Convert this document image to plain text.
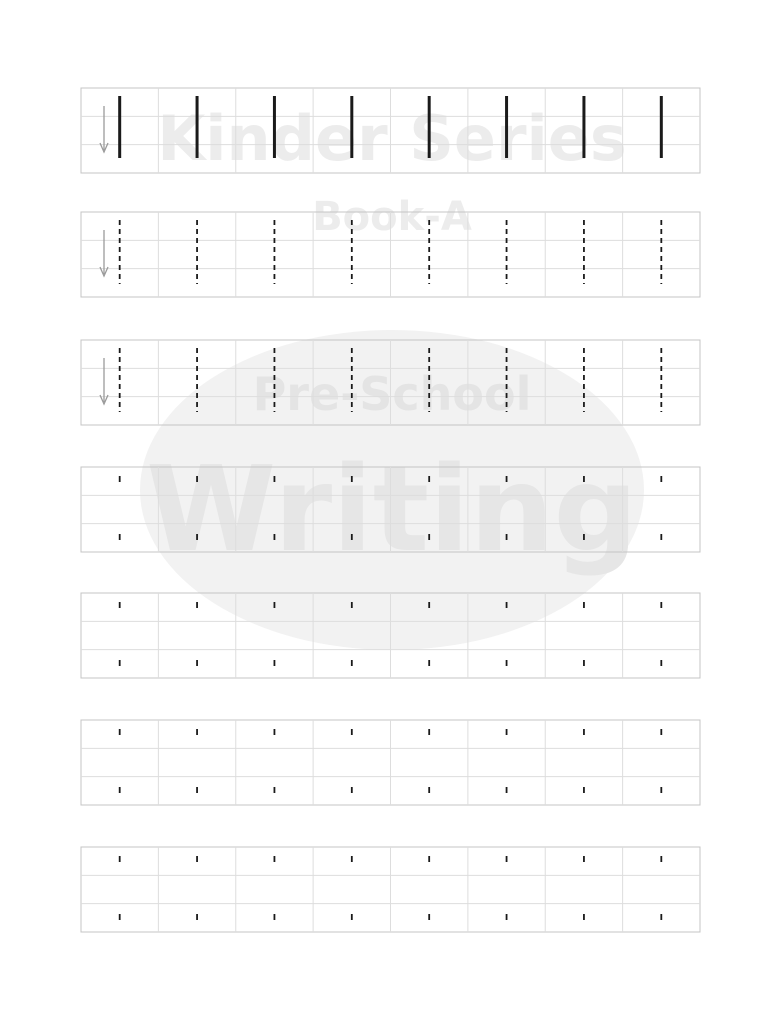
Kinder Series
Book-A
Pre-School
Writing
